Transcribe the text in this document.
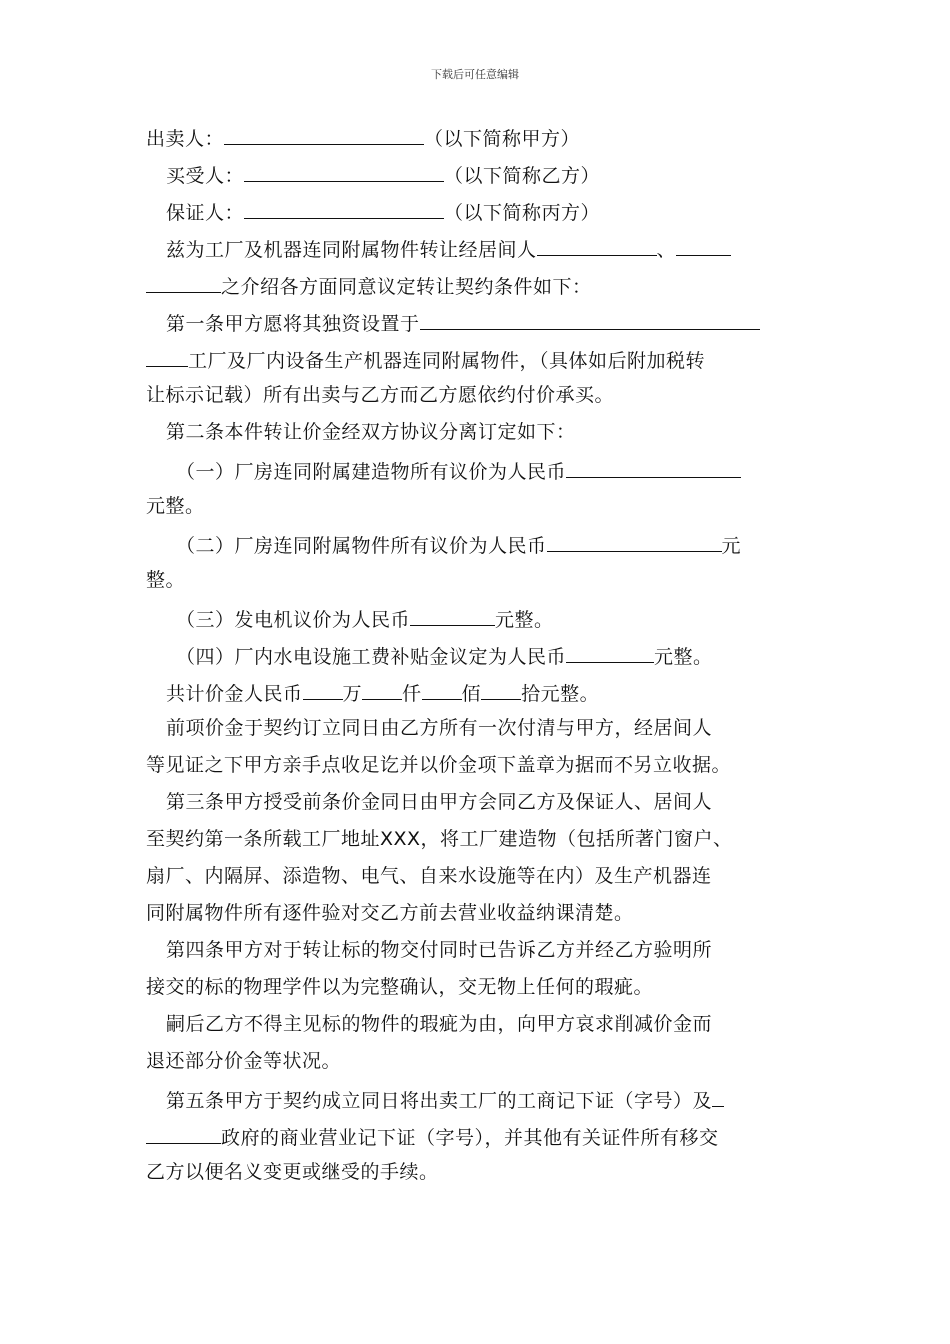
下载后可任意编辑
出卖人：	（以下简称甲方）
买受人：	（以下简称乙方）
保证人：	（以下简称丙方）
兹为工厂及机器连同附属物件转让经居间人	、
之介绍各方面同意议定转让契约条件如下：
第一条甲方愿将其独资设置于
工厂及厂内设备生产机器连同附属物件，（具体如后附加税转
让标示记载）所有出卖与乙方而乙方愿依约付价承买。
第二条本件转让价金经双方协议分离订定如下：
（一）厂房连同附属建造物所有议价为人民币
元整。
（二）厂房连同附属物件所有议价为人民币	元
整。
（三）发电机议价为人民币	元整。
（四）厂内水电设施工费补贴金议定为人民币	元整。
共计价金人民币 万 仟 佰 拾元整。
前项价金于契约订立同日由乙方所有一次付清与甲方，经居间人
等见证之下甲方亲手点收足讫并以价金项下盖章为据而不另立收据。
第三条甲方授受前条价金同日由甲方会同乙方及保证人、居间人
至契约第一条所载工厂地址XXX，将工厂建造物（包括所著门窗户、
扇厂、内隔屏、添造物、电气、自来水设施等在内）及生产机器连
同附属物件所有逐件验对交乙方前去营业收益纳课清楚。
第四条甲方对于转让标的物交付同时已告诉乙方并经乙方验明所
接交的标的物理学件以为完整确认，交无物上任何的瑕疵。
嗣后乙方不得主见标的物件的瑕疵为由，向甲方哀求削减价金而
退还部分价金等状况。
第五条甲方于契约成立同日将出卖工厂的工商记下证（字号）及
政府的商业营业记下证（字号），并其他有关证件所有移交
乙方以便名义变更或继受的手续。
